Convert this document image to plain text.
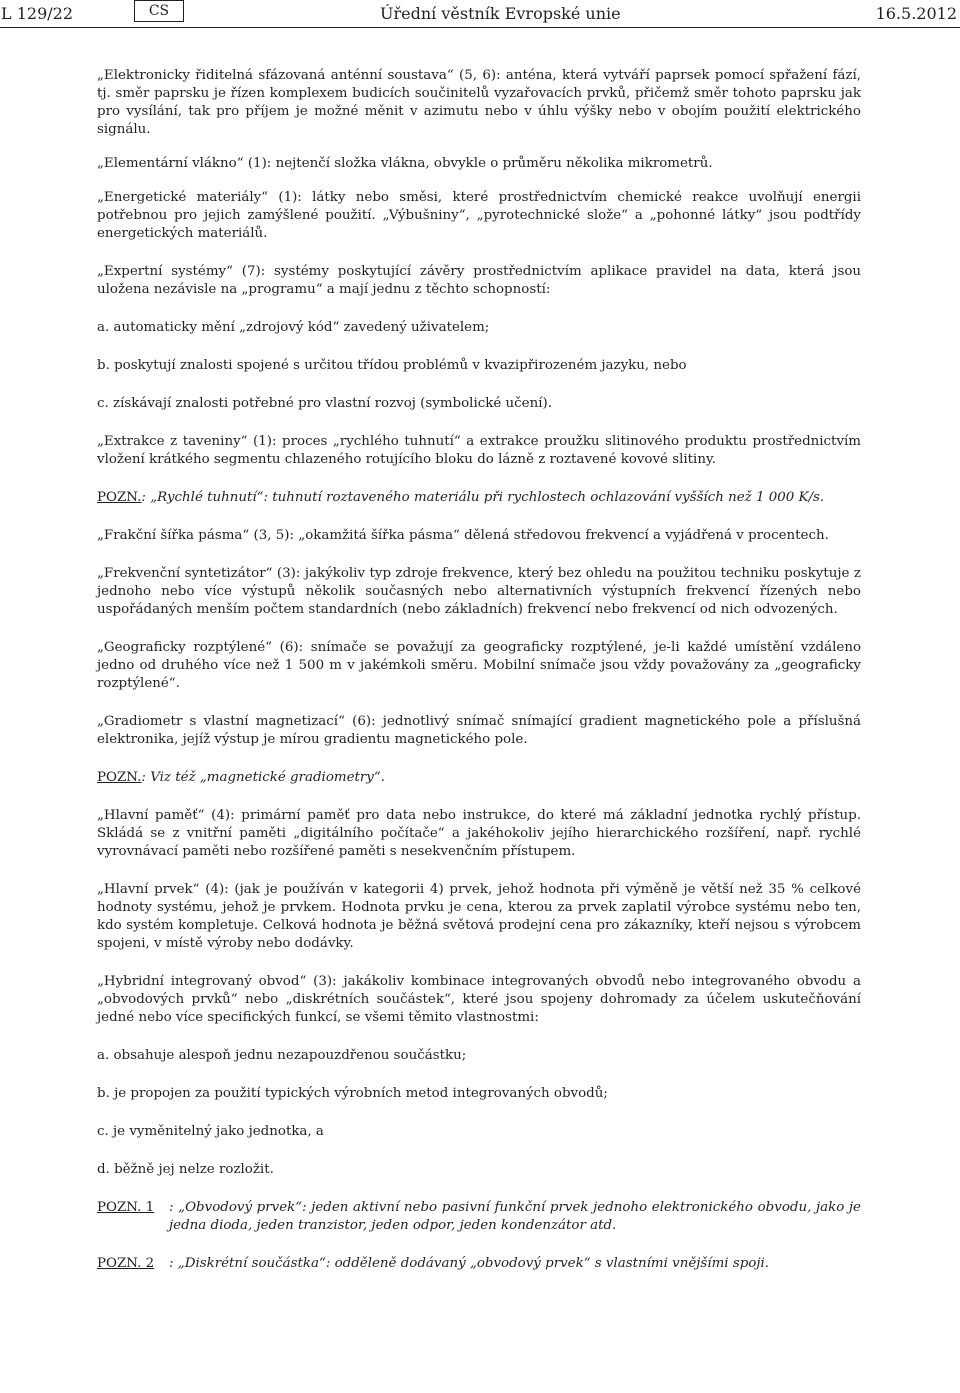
L 129/22	CS	Úřední věstník Evropské unie	16.5.2012

„Elektronicky řiditelná sfázovaná anténní soustava“ (5, 6): anténa, která vytváří paprsek pomocí spřažení fází, tj. směr paprsku je řízen komplexem budicích součinitelů vyzařovacích prvků, přičemž směr tohoto paprsku jak pro vysílání, tak pro příjem je možné měnit v azimutu nebo v úhlu výšky nebo v obojím použití elektrického signálu.

„Elementární vlákno“ (1): nejtenčí složka vlákna, obvykle o průměru několika mikrometrů.

„Energetické materiály“ (1): látky nebo směsi, které prostřednictvím chemické reakce uvolňují energii potřebnou pro jejich zamýšlené použití. „Výbušniny“, „pyrotechnické slože“ a „pohonné látky“ jsou podtřídy energetických materiálů.

„Expertní systémy“ (7): systémy poskytující závěry prostřednictvím aplikace pravidel na data, která jsou uložena nezávisle na „programu“ a mají jednu z těchto schopností:

a. automaticky mění „zdrojový kód“ zavedený uživatelem;

b. poskytují znalosti spojené s určitou třídou problémů v kvazipřirozeném jazyku, nebo

c. získávají znalosti potřebné pro vlastní rozvoj (symbolické učení).

„Extrakce z taveniny“ (1): proces „rychlého tuhnutí“ a extrakce proužku slitinového produktu prostřednictvím vložení krátkého segmentu chlazeného rotujícího bloku do lázně z roztavené kovové slitiny.

POZN.: „Rychlé tuhnutí“: tuhnutí roztaveného materiálu při rychlostech ochlazování vyšších než 1 000 K/s.

„Frakční šířka pásma“ (3, 5): „okamžitá šířka pásma“ dělená středovou frekvencí a vyjádřená v procentech.

„Frekvenční syntetizátor“ (3): jakýkoliv typ zdroje frekvence, který bez ohledu na použitou techniku poskytuje z jednoho nebo více výstupů několik současných nebo alternativních výstupních frekvencí řízených nebo uspořádaných menším počtem standardních (nebo základních) frekvencí nebo frekvencí od nich odvozených.

„Geograficky rozptýlené“ (6): snímače se považují za geograficky rozptýlené, je-li každé umístění vzdáleno jedno od druhého více než 1 500 m v jakémkoli směru. Mobilní snímače jsou vždy považovány za „geograficky rozptýlené“.

„Gradiometr s vlastní magnetizací“ (6): jednotlivý snímač snímající gradient magnetického pole a příslušná elektronika, jejíž výstup je mírou gradientu magnetického pole.

POZN.: Viz též „magnetické gradiometry“.

„Hlavní paměť“ (4): primární paměť pro data nebo instrukce, do které má základní jednotka rychlý přístup. Skládá se z vnitřní paměti „digitálního počítače“ a jakéhokoliv jejího hierarchického rozšíření, např. rychlé vyrovnávací paměti nebo rozšířené paměti s nesekvenčním přístupem.

„Hlavní prvek“ (4): (jak je používán v kategorii 4) prvek, jehož hodnota při výměně je větší než 35 % celkové hodnoty systému, jehož je prvkem. Hodnota prvku je cena, kterou za prvek zaplatil výrobce systému nebo ten, kdo systém kompletuje. Celková hodnota je běžná světová prodejní cena pro zákazníky, kteří nejsou s výrobcem spojeni, v místě výroby nebo dodávky.

„Hybridní integrovaný obvod“ (3): jakákoliv kombinace integrovaných obvodů nebo integrovaného obvodu a „obvodových prvků“ nebo „diskrétních součástek“, které jsou spojeny dohromady za účelem uskutečňování jedné nebo více specifických funkcí, se všemi těmito vlastnostmi:

a. obsahuje alespoň jednu nezapouzdřenou součástku;

b. je propojen za použití typických výrobních metod integrovaných obvodů;

c. je vyměnitelný jako jednotka, a

d. běžně jej nelze rozložit.

POZN. 1	: „Obvodový prvek“: jeden aktivní nebo pasivní funkční prvek jednoho elektronického obvodu, jako je jedna dioda, jeden tranzistor, jeden odpor, jeden kondenzátor atd.
POZN. 2	: „Diskrétní součástka“: odděleně dodávaný „obvodový prvek“ s vlastními vnějšími spoji.
